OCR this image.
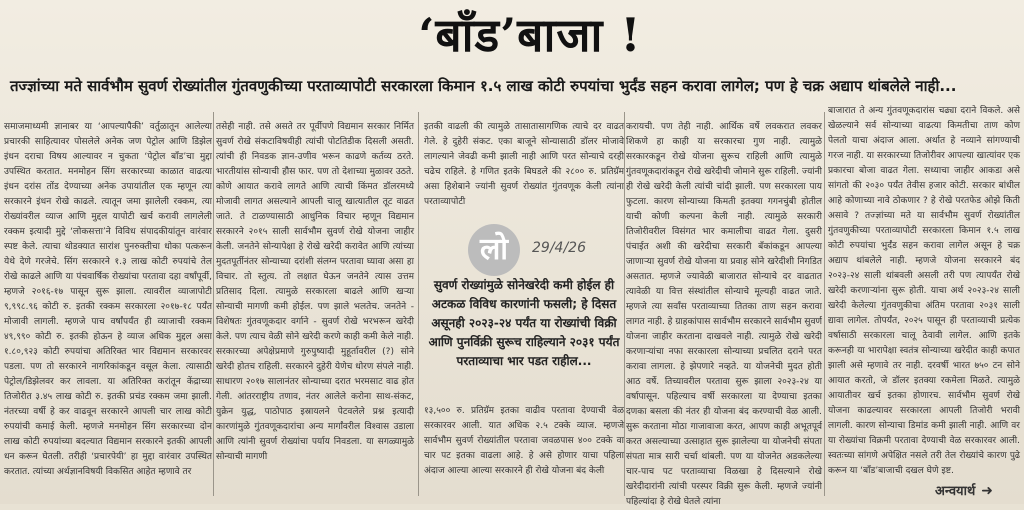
‘बाँड’बाजा !
तज्ज्ञांच्या मते सार्वभौम सुवर्ण रोख्यांतील गुंतवणुकीच्या परताव्यापोटी सरकारला किमान १.५ लाख कोटी रुपयांचा भुर्दंड सहन करावा लागेल; पण हे चक्र अद्याप थांबलेले नाही...

समाजमाध्यमी ज्ञानाबर या ‘आपल्यापैकी’ वर्तुळातून आलेल्या प्रचारकी साहित्यावर पोसलेले अनेक जण पेट्रोल आणि डिझेल इंधन दराचा विषय आल्यावर न चुकता ‘पेट्रोल बाँड’चा मुद्दा उपस्थित करतात. मनमोहन सिंग सरकारच्या काळात वाढत्या इंधन दरांस तोंड देण्याच्या अनेक उपायांतील एक म्हणून त्या सरकारने इंधन रोखे काढले. त्यातून जमा झालेली रक्कम, त्या रोख्यांवरील व्याज आणि मुद्दल यापोटी खर्च करावी लागलेली रक्कम इत्यादी मुद्दे ‘लोकसत्ता’ने विविध संपादकीयांतून वारंवार स्पष्ट केले. त्याचा थोडक्यात सारांश पुनरुक्तीचा धोका पत्करून येथे देणे गरजेचे. सिंग सरकारने १.३ लाख कोटी रुपयांचे तेल रोखे काढले आणि या पंचवार्षिक रोख्यांचा परतावा दहा वर्षांपूर्वी, म्हणजे २०१६-१७ पासून सुरू झाला. त्यावरील व्याजापोटी ९,९९८.९६ कोटी रु. इतकी रक्कम सरकारला २०१७-१८ पर्यंत मोजावी लागली. म्हणजे पाच वर्षांपर्यंत ही व्याजाची रक्कम ४९,९९० कोटी रु. इतकी होऊन हे व्याज अधिक मुद्दल असा १.८०,९२३ कोटी रुपयांचा अतिरिक्त भार विद्यमान सरकारवर पडला. पण तो सरकारने नागरिकांकडून वसूल केला. त्यासाठी पेट्रोल/डिझेलवर कर लावला. या अतिरिक्त करांतून केंद्राच्या तिजोरीत ३.४५ लाख कोटी रु. इतकी प्रचंड रक्कम जमा झाली. नंतरच्या वर्षी हे कर वाढवून सरकारने आपली चार लाख कोटी रुपयांची कमाई केली. म्हणजे मनमोहन सिंग सरकारच्या दोन लाख कोटी रुपयांच्या बदल्यात विद्यमान सरकारने इतकी आपली धन करून घेतली. तरीही ‘प्रचारपेयी’ हा मुद्दा वारंवार उपस्थित करतात. त्यांच्या अर्थज्ञानविषयी विकसित आहेत म्हणावे तर

तसेही नाही. तसे असते तर पूर्वीपणे विद्यमान सरकार निर्मित सुवर्ण रोखे संकटाविषयीही त्यांची पोटतिडीक दिसली असती. त्यांची ही निवडक ज्ञान-उणीव भरून काढणे कर्तव्य ठरते. भारतीयांस सोन्याची हौस फार. पण तो देशाच्या मुळावर उठते. कोणे आयात करावे लागते आणि त्याची किंमत डॉलरमध्ये मोजावी लागत असल्याने आपली चालू खात्यातील तूट वाढत जाते. ते टाळण्यासाठी आधुनिक विचार म्हणून विद्यमान सरकारने २०१५ साली सार्वभौम सुवर्ण रोखे योजना जाहीर केली. जनतेने सोन्यापेक्षा हे रोखे खरेदी करावेत आणि त्यांच्या मुदतपूर्तीनंतर सोन्याच्या दरांशी संलग्न परतावा घ्यावा असा हा विचार. तो स्तुत्य. तो लक्षात घेऊन जनतेने त्यास उत्तम प्रतिसाद दिला. त्यामुळे सरकारला बाढले आणि खऱ्या सोन्याची मागणी कमी होईल. पण झाले भलतेच. जनतेने - विशेषतः गुंतवणूकदार वर्गाने - सुवर्ण रोखे भरभरून खरेदी केले. पण त्याच वेळी सोने खरेदी करणे काही कमी केले नाही. सरकारच्या अपेक्षेप्रमाणे गुरुपुष्यादी मुहूर्तावरील (?) सोने खरेदी होतच राहिली. सरकारने दुहेरी येणेच धोरण संपले नाही. साधारण २०१७ सालानंतर सोन्याच्या दरात भरमसाट वाढ होत गेली. आंतरराष्ट्रीय तणाव, नंतर आलेले करोना साथ-संकट, युक्रेन युद्ध, पाठोपाठ इस्रायलने पेटवलेले प्रश्न इत्यादी कारणांमुळे गुंतवणूकदारांचा अन्य मार्गांवरील विश्वास उडाला आणि त्यांनी सुवर्ण रोख्यांचा पर्याय निवडला. या सगळ्यामुळे सोन्याची मागणी

इतकी वाढली की त्यामुळे तासातासागणिक त्याचे दर वाढत गेले. हे दुहेरी संकट. एका बाजूने सोन्यासाठी डॉलर मोजावे लागल्याने जेवढी कमी झाली नाही आणि परत सोन्याचे दरही चढेच राहिले. हे गणित इतके बिघडले की २८०० रु. प्रतिग्रॅम असा हिशेबाने ज्यांनी सुवर्ण रोख्यांत गुंतवणूक केली त्यांना परताव्यापोटी

लो	29/4/26
सुवर्ण रोख्यांमुळे सोनेखरेदी कमी होईल ही अटकळ विविध कारणांनी फसली; हे दिसत असूनही २०२३-२४ पर्यंत या रोख्यांची विक्री आणि पुनर्विक्री सुरूच राहिल्याने २०३१ पर्यंत परताव्याचा भार पडत राहील...

१३,५०० रु. प्रतिग्रॅम इतका वाढीव परतावा देण्याची वेळ सरकारवर आली. यात अधिक २.५ टक्के व्याज. म्हणजे सार्वभौम सुवर्ण रोख्यांतील परतावा जवळपास ४०० टक्के वा चार पट इतका वाढला आहे. हे असे होणार याचा पहिला अंदाज आल्या आल्या सरकारने ही रोखे योजना बंद केली

करायची. पण तेही नाही. आर्थिक वर्षे लवकरात लवकर शिकणे हा काही या सरकारचा गुण नाही. त्यामुळे सरकारकडून रोखे योजना सुरूच राहिली आणि त्यामुळे गुंतवणूकदारांकडून रोखे खरेदीची जोमाने सुरू राहिली. ज्यांनी ही रोखे खरेदी केली त्यांची चांदी झाली. पण सरकारला पाय फुटला. कारण सोन्याच्या किमती इतक्या गगनचुंबी होतील याची कोणी कल्पना केली नाही. त्यामुळे सरकारी तिजोरीवरील विसंगत भार कमालीचा वाढत गेला. दुसरी पंचाईत अशी की खरेदीचा सरकारी बँकांकडून आपल्या जाणाऱ्या सुवर्ण रोखे योजना या प्रवाह सोने खरेदीशी निगडित असतात. म्हणजे ज्यावेळी बाजारात सोन्याचे दर वाढतात त्यावेळी या वित्त संस्थांतील सोन्याचे मूल्यही वाढत जाते. म्हणजे त्या सर्वांस परताव्याच्या तितका ताण सहन करावा लागत नाही. हे ग्राहकांपास सार्वभौम सरकारने सार्वभौम सुवर्ण योजना जाहीर करताना दाखवले नाही. त्यामुळे रोखे खरेदी करणाऱ्यांचा नफा सरकारला सोन्याच्या प्रचलित दराने परत करावा लागला. हे झेपणारे नव्हते. या योजनेची मुदत होती आठ वर्षे. तिच्यावरील परतावा सुरू झाला २०२३-२४ या वर्षापासून. पहिल्याच वर्षी सरकारला या देण्याचा इतका दणका बसला की नंतर ही योजना बंद करण्याची वेळ आली. सुरू करताना मोठा गाजावाजा करत, आपण काही अभूतपूर्व करत असल्याच्या उत्साहात सुरू झालेल्या या योजनेची संपता संपता मात्र सारी चर्चा थांबली. पण या योजनेत अडकलेल्या चार-पाच पट परताव्याचा विळखा हे दिसल्याने रोखे खरेदीदारांनी त्यांची परस्पर विक्री सुरू केली. म्हणजे ज्यांनी पहिल्यांदा हे रोखे घेतले त्यांना

बाजारात ते अन्य गुंतवणूकदारांस चढ्या दराने विकले. असे खेळल्याने सर्व सोन्याच्या वाढत्या किमतीचा ताण कोण पेलतो याचा अंदाज आला. अर्थात हे नव्याने सांगण्याची गरज नाही. या सरकारच्या तिजोरीवर आपल्या खात्यांवर एक प्रकारचा बोजा वाढत गेला. सध्याचा जाहीर आकडा असे सांगतो की २०३० पर्यंत तेवीस हजार कोटी. सरकार बांधील आहे कोणाच्या नावे ठोकणार ? हे रोखे परतफेड ओझे किती असावे ? तज्ज्ञांच्या मते या सार्वभौम सुवर्ण रोख्यांतील गुंतवणुकीच्या परताव्यापोटी सरकारला किमान १.५ लाख कोटी रुपयांचा भुर्दंड सहन करावा लागेल असून हे चक्र अद्याप थांबलेले नाही. म्हणजे योजना सरकारने बंद २०२३-२४ साली थांबवली असली तरी पण त्यापर्यंत रोखे खरेदी करणाऱ्यांना सुरू होती. याचा अर्थ २०२३-२४ साली खरेदी केलेल्या गुंतवणुकीचा अंतिम परतावा २०३१ साली द्यावा लागेल. तोपर्यंत, २०२५ पासून ही परताव्याची प्रत्येक वर्षासाठी सरकारला चालू ठेवावी लागेल. आणि इतके करूनही या भारापेक्षा स्वतंत्र सोन्याच्या खरेदीत काही कपात झाली असे म्हणावे तर नाही. दरवर्षी भारत ७५० टन सोने आयात करतो, जे डॉलर इतक्या रकमेला मिळते. त्यामुळे आयातीवर खर्च इतका होणारच. सार्वभौम सुवर्ण रोखे योजना काढल्यावर सरकारला आपली तिजोरी भरावी लागली. कारण सोन्याचा डिमांड कमी झाली नाही. आणि वर या रोख्यांचा विक्रमी परतावा देण्याची वेळ सरकारवर आली. स्वतःच्या सांगणे अपेक्षित नसले तरी तेल रोख्यांचे कारण पुढे करून या ‘बाँड’बाजाची दखल घेणे इष्ट.

अन्वयार्थ ➜
